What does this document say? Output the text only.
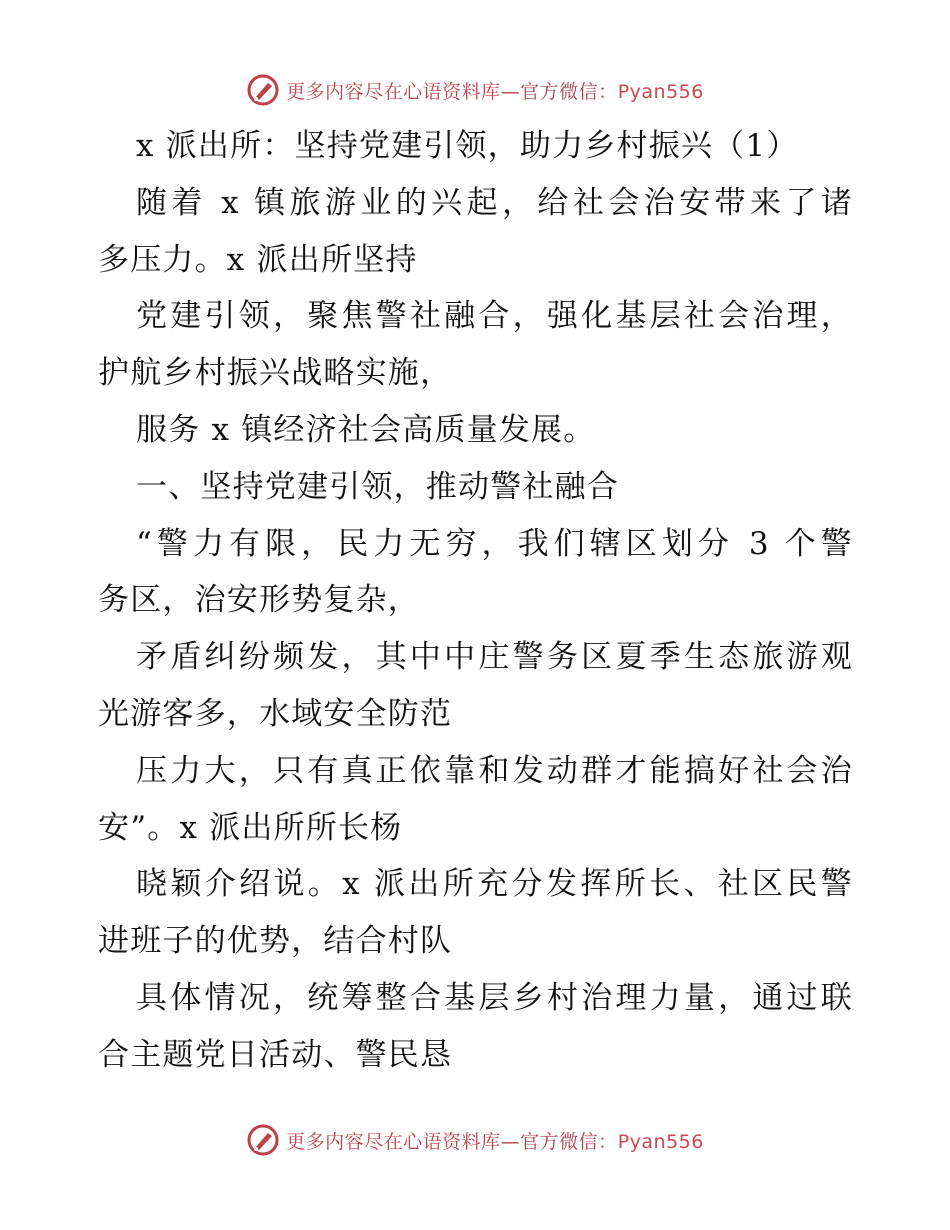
更多内容尽在心语资料库—官方微信：Pyan556
x 派出所：坚持党建引领，助力乡村振兴（1）
随着 x 镇旅游业的兴起，给社会治安带来了诸
多压力。x 派出所坚持
党建引领，聚焦警社融合，强化基层社会治理，
护航乡村振兴战略实施，
服务 x 镇经济社会高质量发展。
一、坚持党建引领，推动警社融合
“警力有限，民力无穷，我们辖区划分 3 个警
务区，治安形势复杂，
矛盾纠纷频发，其中中庄警务区夏季生态旅游观
光游客多，水域安全防范
压力大，只有真正依靠和发动群才能搞好社会治
安”。x 派出所所长杨
晓颖介绍说。x 派出所充分发挥所长、社区民警
进班子的优势，结合村队
具体情况，统筹整合基层乡村治理力量，通过联
合主题党日活动、警民恳
更多内容尽在心语资料库—官方微信：Pyan556
